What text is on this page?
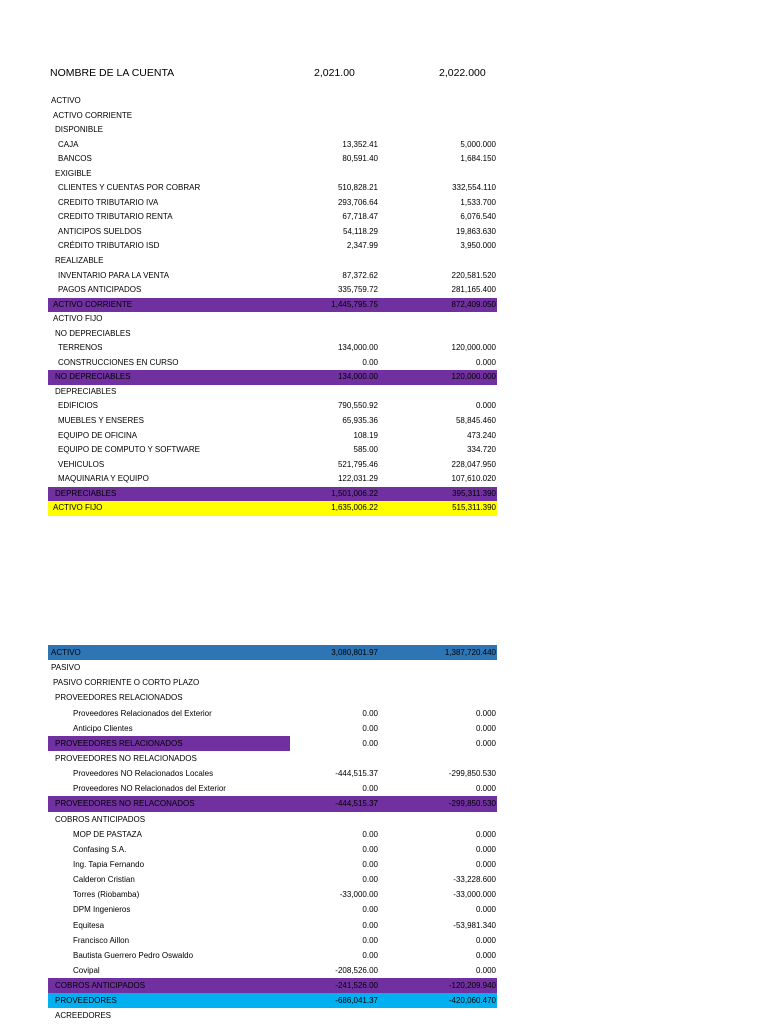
NOMBRE DE LA CUENTA	2,021.00	2,022.000
ACTIVO
ACTIVO CORRIENTE
DISPONIBLE
CAJA	13,352.41	5,000.000
BANCOS	80,591.40	1,684.150
EXIGIBLE
CLIENTES Y CUENTAS POR COBRAR	510,828.21	332,554.110
CREDITO TRIBUTARIO IVA	293,706.64	1,533.700
CREDITO TRIBUTARIO RENTA	67,718.47	6,076.540
ANTICIPOS SUELDOS	54,118.29	19,863.630
CRÉDITO TRIBUTARIO ISD	2,347.99	3,950.000
REALIZABLE
INVENTARIO PARA LA VENTA	87,372.62	220,581.520
PAGOS ANTICIPADOS	335,759.72	281,165.400
ACTIVO CORRIENTE	1,445,795.75	872,409.050
ACTIVO FIJO
NO DEPRECIABLES
TERRENOS	134,000.00	120,000.000
CONSTRUCCIONES EN CURSO	0.00	0.000
NO DEPRECIABLES	134,000.00	120,000.000
DEPRECIABLES
EDIFICIOS	790,550.92	0.000
MUEBLES Y ENSERES	65,935.36	58,845.460
EQUIPO DE OFICINA	108.19	473.240
EQUIPO DE COMPUTO Y SOFTWARE	585.00	334.720
VEHICULOS	521,795.46	228,047.950
MAQUINARIA Y EQUIPO	122,031.29	107,610.020
DEPRECIABLES	1,501,006.22	395,311.390
ACTIVO FIJO	1,635,006.22	515,311.390
ACTIVO	3,080,801.97	1,387,720.440
PASIVO
PASIVO CORRIENTE O CORTO PLAZO
PROVEEDORES RELACIONADOS
Proveedores Relacionados del Exterior	0.00	0.000
Anticipo Clientes	0.00	0.000
PROVEEDORES RELACIONADOS	0.00	0.000
PROVEEDORES NO RELACIONADOS
Proveedores NO Relacionados Locales	-444,515.37	-299,850.530
Proveedores NO Relacionados del Exterior	0.00	0.000
PROVEEDORES NO RELACONADOS	-444,515.37	-299,850.530
COBROS ANTICIPADOS
MOP DE PASTAZA	0.00	0.000
Confasing S.A.	0.00	0.000
Ing. Tapia Fernando	0.00	0.000
Calderon Cristian	0.00	-33,228.600
Torres (Riobamba)	-33,000.00	-33,000.000
DPM Ingenieros	0.00	0.000
Equitesa	0.00	-53,981.340
Francisco Aillon	0.00	0.000
Bautista Guerrero Pedro Oswaldo	0.00	0.000
Covipal	-208,526.00	0.000
COBROS ANTICIPADOS	-241,526.00	-120,209.940
PROVEEDORES	-686,041.37	-420,060.470
ACREEDORES
